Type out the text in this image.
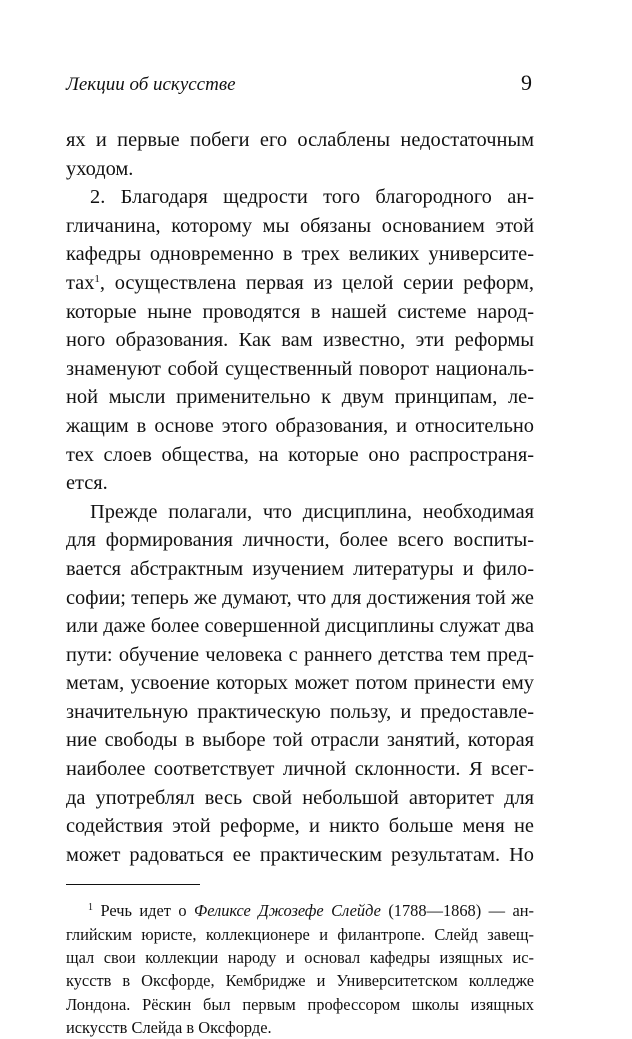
Лекции об искусстве	9

ях и первые побеги его ослаблены недостаточным
уходом.

2. Благодаря щедрости того благородного ан-
гличанина, которому мы обязаны основанием этой
кафедры одновременно в трех великих университе-
тах$^1$, осуществлена первая из целой серии реформ,
которые ныне проводятся в нашей системе народ-
ного образования. Как вам известно, эти реформы
знаменуют собой существенный поворот националь-
ной мысли применительно к двум принципам, ле-
жащим в основе этого образования, и относительно
тех слоев общества, на которые оно распространя-
ется.

Прежде полагали, что дисциплина, необходимая
для формирования личности, более всего воспиты-
вается абстрактным изучением литературы и фило-
софии; теперь же думают, что для достижения той же
или даже более совершенной дисциплины служат два
пути: обучение человека с раннего детства тем пред-
метам, усвоение которых может потом принести ему
значительную практическую пользу, и предоставле-
ние свободы в выборе той отрасли занятий, которая
наиболее соответствует личной склонности. Я всег-
да употреблял весь свой небольшой авторитет для
содействия этой реформе, и никто больше меня не
может радоваться ее практическим результатам. Но

$^1$ Речь идет о Феликсе Джозефе Слейде (1788—1868) — ан-
глийским юристе, коллекционере и филантропе. Слейд завещ-
щал свои коллекции народу и основал кафедры изящных ис-
кусств в Оксфорде, Кембридже и Университетском колледже
Лондона. Рёскин был первым профессором школы изящных
искусств Слейда в Оксфорде.
